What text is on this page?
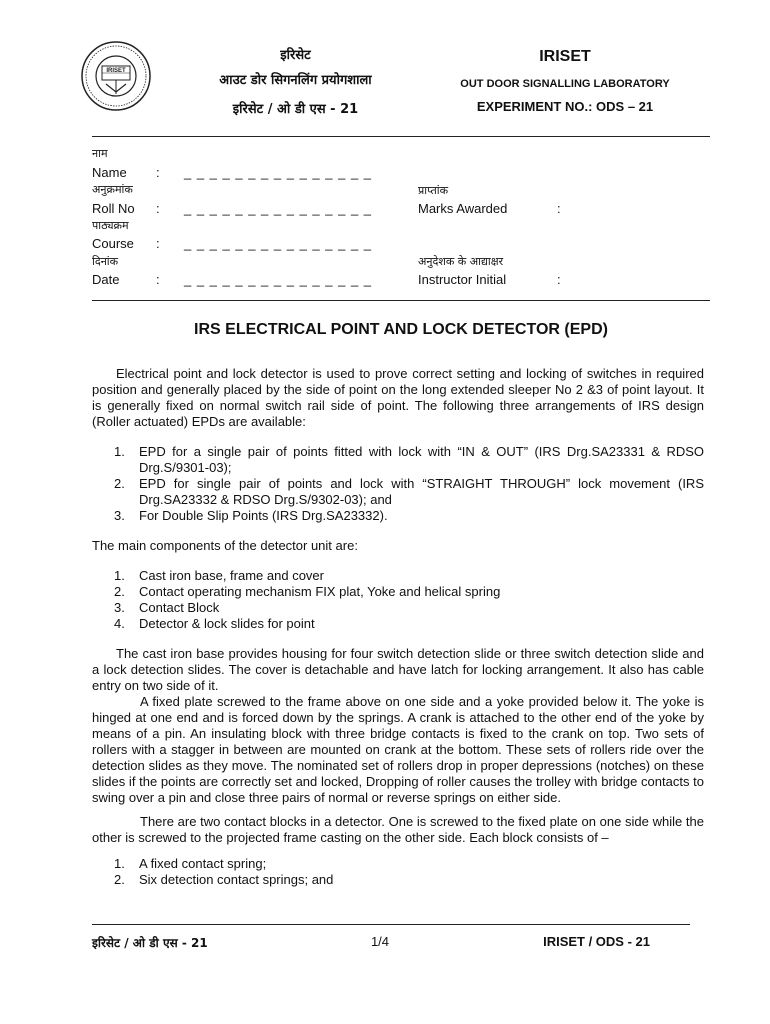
IRISET
इरिसेट
आउट डोर सिगनलिंग प्रयोगशाला
इरिसेट / ओ डी एस - 21
IRISET
OUT DOOR SIGNALLING LABORATORY
EXPERIMENT NO.: ODS – 21
नाम
Name : _ _ _ _ _ _ _ _ _ _ _ _ _ _ _
अनुक्रमांक
Roll No : _ _ _ _ _ _ _ _ _ _ _ _ _ _ _
पाठ्यक्रम
Course : _ _ _ _ _ _ _ _ _ _ _ _ _ _ _
दिनांक
Date	: _ _ _ _ _ _ _ _ _ _ _ _ _ _ _
प्राप्तांक
Marks Awarded	:
अनुदेशक के आद्याक्षर
Instructor Initial	:
IRS ELECTRICAL POINT AND LOCK DETECTOR (EPD)

Electrical point and lock detector is used to prove correct setting and locking of switches in required position and generally placed by the side of point on the long extended sleeper No 2 &3 of point layout. It is generally fixed on normal switch rail side of point. The following three arrangements of IRS design (Roller actuated) EPDs are available:

1. EPD for a single pair of points fitted with lock with “IN & OUT” (IRS Drg.SA23331 & RDSO Drg.S/9301-03);
2. EPD for single pair of points and lock with “STRAIGHT THROUGH” lock movement (IRS Drg.SA23332 & RDSO Drg.S/9302-03); and
3. For Double Slip Points (IRS Drg.SA23332).

The main components of the detector unit are:

1. Cast iron base, frame and cover
2. Contact operating mechanism FIX plat, Yoke and helical spring
3. Contact Block
4. Detector & lock slides for point

The cast iron base provides housing for four switch detection slide or three switch detection slide and a lock detection slides. The cover is detachable and have latch for locking arrangement. It also has cable entry on two side of it.

A fixed plate screwed to the frame above on one side and a yoke provided below it. The yoke is hinged at one end and is forced down by the springs. A crank is attached to the other end of the yoke by means of a pin. An insulating block with three bridge contacts is fixed to the crank on top. Two sets of rollers with a stagger in between are mounted on crank at the bottom. These sets of rollers ride over the detection slides as they move. The nominated set of rollers drop in proper depressions (notches) on these slides if the points are correctly set and locked, Dropping of roller causes the trolley with bridge contacts to swing over a pin and close three pairs of normal or reverse springs on either side.

There are two contact blocks in a detector. One is screwed to the fixed plate on one side while the other is screwed to the projected frame casting on the other side. Each block consists of –

1. A fixed contact spring;
2. Six detection contact springs; and
इरिसेट / ओ डी एस - 21	1/4	IRISET / ODS - 21
